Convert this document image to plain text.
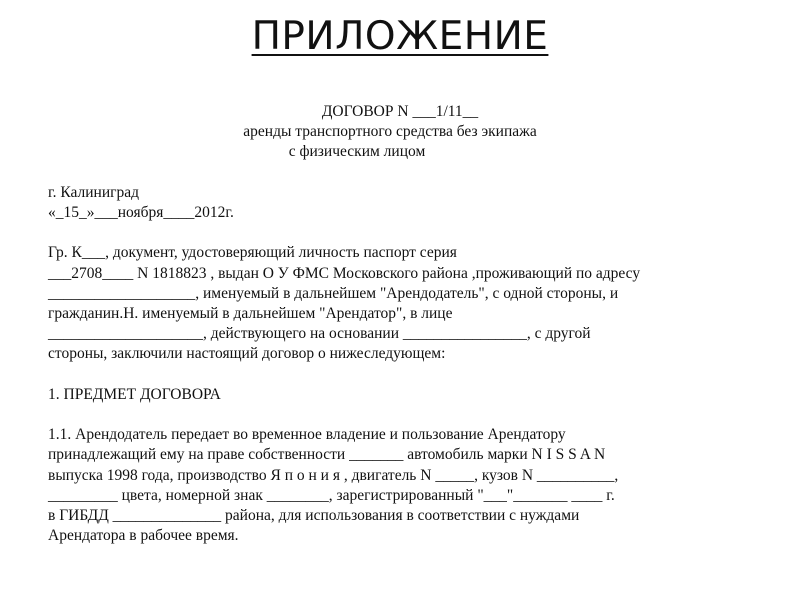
ПРИЛОЖЕНИЕ
ДОГОВОР N ___1/11__
аренды транспортного средства без экипажа
с физическим лицом
г. Калиниград
«_15_»___ноября____2012г.
Гр. К___, документ, удостоверяющий личность паспорт серия
___2708____ N 1818823 , выдан О У ФМС Московского района ,проживающий по адресу
___________________, именуемый в дальнейшем "Арендодатель", с одной стороны, и
гражданин.Н. именуемый в дальнейшем "Арендатор", в лице
____________________, действующего на основании ________________, с другой
стороны, заключили настоящий договор о нижеследующем:
1. ПРЕДМЕТ ДОГОВОРА
1.1. Арендодатель передает во временное владение и пользование Арендатору
принадлежащий ему на праве собственности _______ автомобиль марки N I S S A N
выпуска 1998 года, производство Я п о н и я , двигатель N _____, кузов N __________,
_________ цвета, номерной знак ________, зарегистрированный "___"_______ ____ г.
в ГИБДД ______________ района, для использования в соответствии с нуждами
Арендатора в рабочее время.
